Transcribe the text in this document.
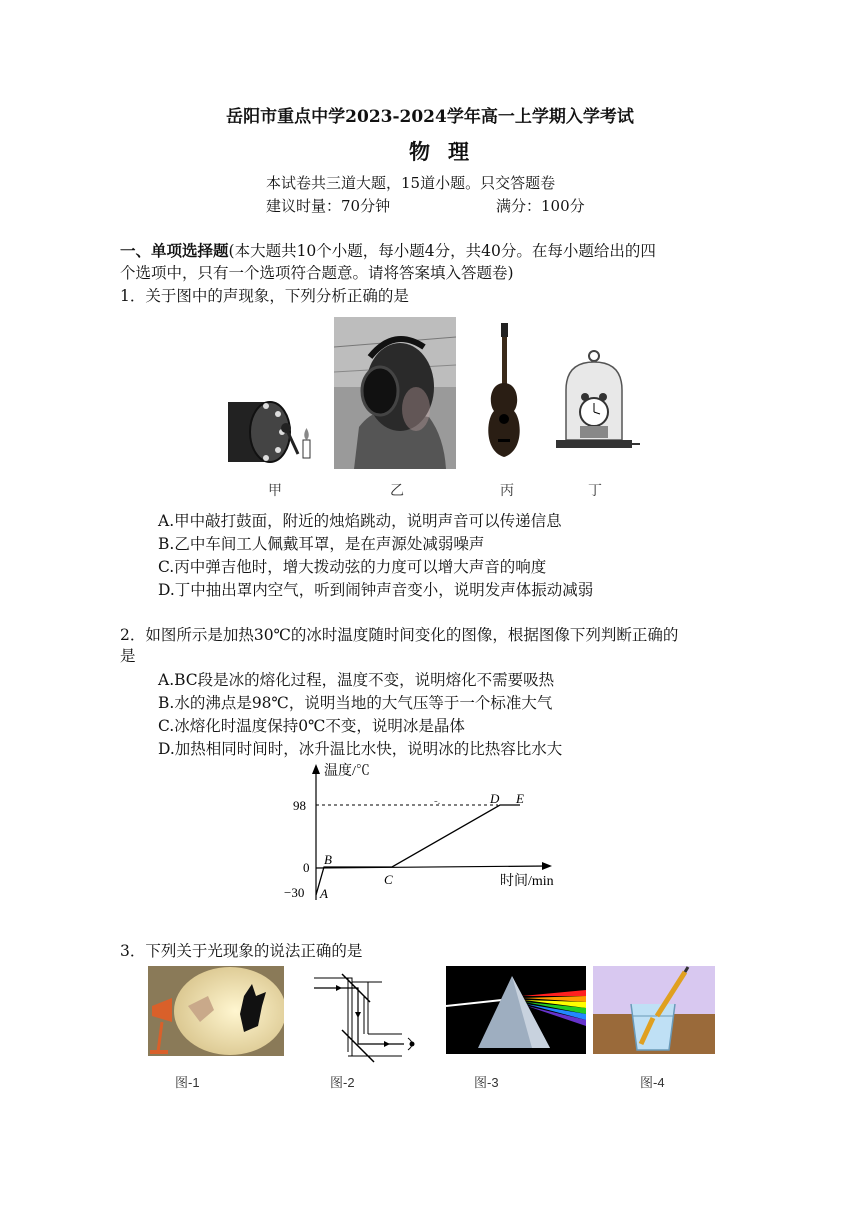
岳阳市重点中学2023-2024学年高一上学期入学考试
物理
本试卷共三道大题，15道小题。只交答题卷
建议时量：70分钟	满分：100分
一、单项选择题(本大题共10个小题，每小题4分，共40分。在每小题给出的四
个选项中，只有一个选项符合题意。请将答案填入答题卷)
1．关于图中的声现象，下列分析正确的是
甲	乙	丙	丁
A.甲中敲打鼓面，附近的烛焰跳动，说明声音可以传递信息
B.乙中车间工人佩戴耳罩，是在声源处减弱噪声
C.丙中弹吉他时，增大拨动弦的力度可以增大声音的响度
D.丁中抽出罩内空气，听到闹钟声音变小，说明发声体振动减弱
2．如图所示是加热30℃的冰时温度随时间变化的图像，根据图像下列判断正确的
是
A.BC段是冰的熔化过程，温度不变，说明熔化不需要吸热
B.水的沸点是98℃，说明当地的大气压等于一个标准大气
C.冰熔化时温度保持0℃不变，说明冰是晶体
D.加热相同时间时，冰升温比水快，说明冰的比热容比水大
-.
温度/℃
时间/min
98
0
−30 A
B
C
D E
3．下列关于光现象的说法正确的是
图-1	图-2	图-3	图-4
